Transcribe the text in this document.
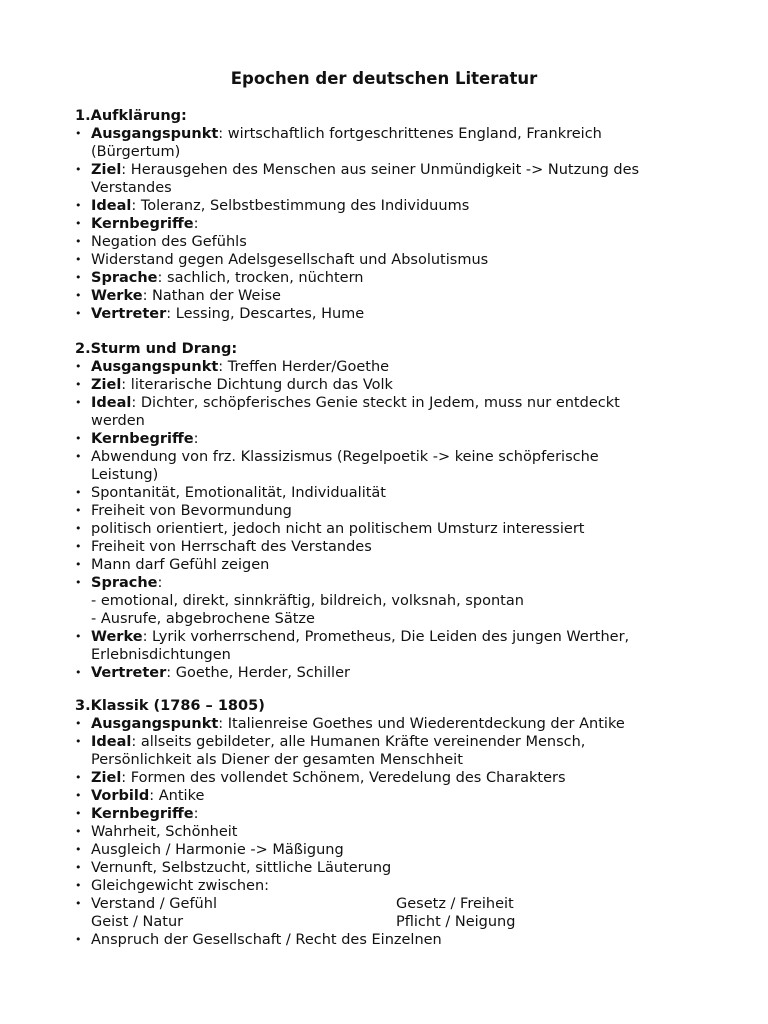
Epochen der deutschen Literatur
1.Aufklärung:
• Ausgangspunkt: wirtschaftlich fortgeschrittenes England, Frankreich
(Bürgertum)
• Ziel: Herausgehen des Menschen aus seiner Unmündigkeit -> Nutzung des
Verstandes
• Ideal: Toleranz, Selbstbestimmung des Individuums
• Kernbegriffe:
• Negation des Gefühls
• Widerstand gegen Adelsgesellschaft und Absolutismus
• Sprache: sachlich, trocken, nüchtern
• Werke: Nathan der Weise
• Vertreter: Lessing, Descartes, Hume
2.Sturm und Drang:
• Ausgangspunkt: Treffen Herder/Goethe
• Ziel: literarische Dichtung durch das Volk
• Ideal: Dichter, schöpferisches Genie steckt in Jedem, muss nur entdeckt
werden
• Kernbegriffe:
• Abwendung von frz. Klassizismus (Regelpoetik -> keine schöpferische
Leistung)
• Spontanität, Emotionalität, Individualität
• Freiheit von Bevormundung
• politisch orientiert, jedoch nicht an politischem Umsturz interessiert
• Freiheit von Herrschaft des Verstandes
• Mann darf Gefühl zeigen
• Sprache:
- emotional, direkt, sinnkräftig, bildreich, volksnah, spontan
- Ausrufe, abgebrochene Sätze
• Werke: Lyrik vorherrschend, Prometheus, Die Leiden des jungen Werther,
Erlebnisdichtungen
• Vertreter: Goethe, Herder, Schiller
3.Klassik (1786 – 1805)
• Ausgangspunkt: Italienreise Goethes und Wiederentdeckung der Antike
• Ideal: allseits gebildeter, alle Humanen Kräfte vereinender Mensch,
Persönlichkeit als Diener der gesamten Menschheit
• Ziel: Formen des vollendet Schönem, Veredelung des Charakters
• Vorbild: Antike
• Kernbegriffe:
• Wahrheit, Schönheit
• Ausgleich / Harmonie -> Mäßigung
• Vernunft, Selbstzucht, sittliche Läuterung
• Gleichgewicht zwischen:
• Verstand / Gefühl	Gesetz / Freiheit
Geist / Natur	Pflicht / Neigung
• Anspruch der Gesellschaft / Recht des Einzelnen
